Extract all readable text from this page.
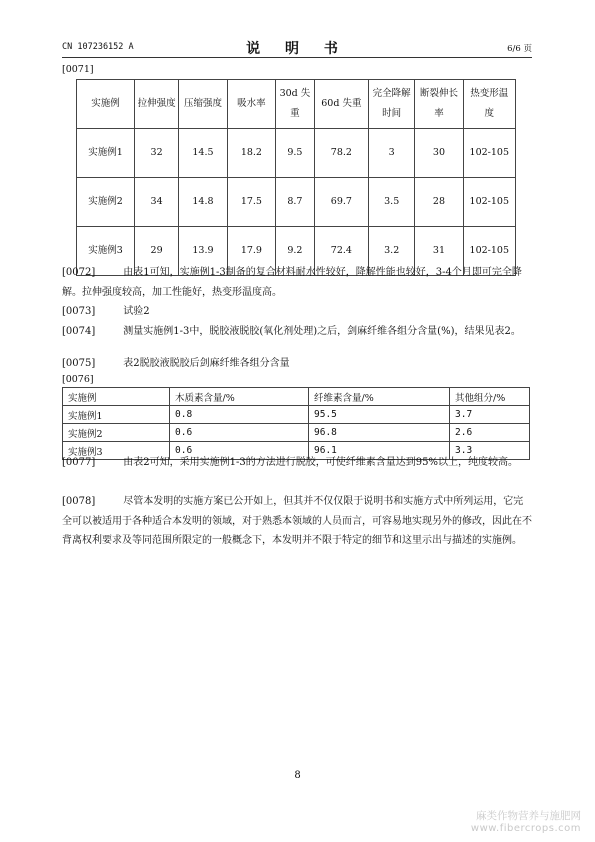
CN 107236152 A	说 明 书	6/6 页
[0071]
实施例	拉伸强度	压缩强度	吸水率	30d 失重	60d 失重	完全降解时间	断裂伸长率	热变形温度
实施例1	32	14.5	18.2	9.5	78.2	3	30	102-105
实施例2	34	14.8	17.5	8.7	69.7	3.5	28	102-105
实施例3	29	13.9	17.9	9.2	72.4	3.2	31	102-105
[0072]	由表1可知，实施例1-3制备的复合材料耐水性较好，降解性能也较好，3-4个月即可完全降解。拉伸强度较高，加工性能好，热变形温度高。
[0073]	试验2
[0074]	测量实施例1-3中，脱胶液脱胶(氧化剂处理)之后，剑麻纤维各组分含量(%)，结果见表2。
[0075]	表2脱胶液脱胶后剑麻纤维各组分含量
[0076]
实施例	木质素含量/%	纤维素含量/%	其他组分/%
实施例1	0.8	95.5	3.7
实施例2	0.6	96.8	2.6
实施例3	0.6	96.1	3.3
[0077]	由表2可知，采用实施例1-3的方法进行脱胶，可使纤维素含量达到95%以上，纯度较高。
[0078]	尽管本发明的实施方案已公开如上，但其并不仅仅限于说明书和实施方式中所列运用，它完全可以被适用于各种适合本发明的领域，对于熟悉本领域的人员而言，可容易地实现另外的修改，因此在不背离权利要求及等同范围所限定的一般概念下，本发明并不限于特定的细节和这里示出与描述的实施例。
8
麻类作物营养与施肥网
www.fibercrops.com
